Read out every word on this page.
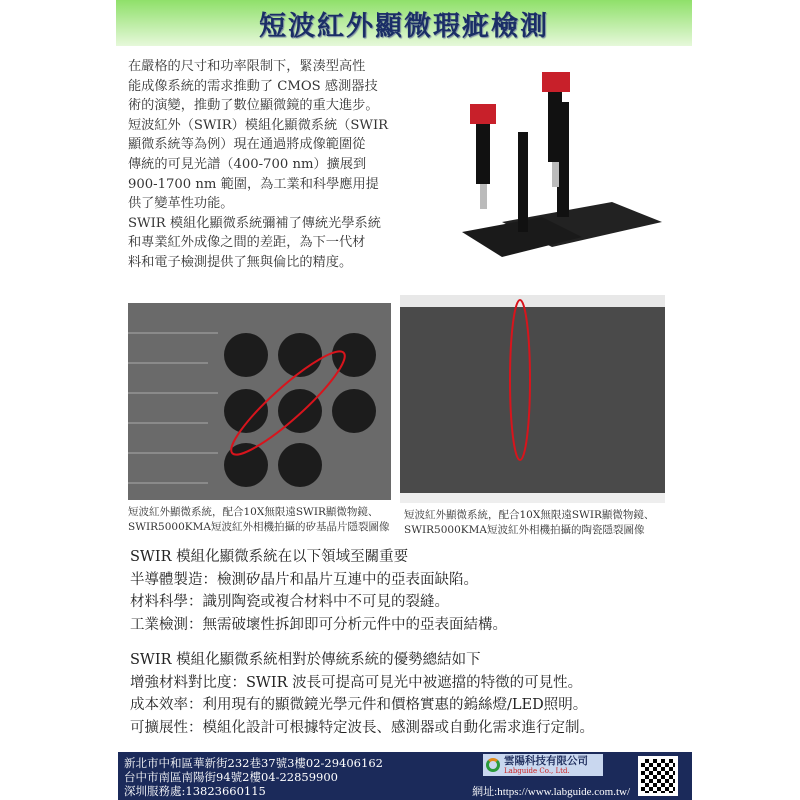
短波紅外顯微瑕疵檢測
在嚴格的尺寸和功率限制下，緊湊型高性
能成像系統的需求推動了 CMOS 感測器技
術的演變，推動了數位顯微鏡的重大進步。
短波紅外（SWIR）模組化顯微系統（SWIR
顯微系統等為例）現在通過將成像範圍從
傳統的可見光譜（400-700 nm）擴展到
900-1700 nm 範圍，為工業和科學應用提
供了變革性功能。
SWIR 模組化顯微系統彌補了傳統光學系統
和專業紅外成像之間的差距，為下一代材
料和電子檢測提供了無與倫比的精度。
短波紅外顯微系統，配合10X無限遠SWIR顯微物鏡、
SWIR5000KMA短波紅外相機拍攝的矽基晶片隱裂圖像
短波紅外顯微系統，配合10X無限遠SWIR顯微物鏡、
SWIR5000KMA短波紅外相機拍攝的陶瓷隱裂圖像
SWIR 模組化顯微系統在以下領域至關重要
半導體製造：檢測矽晶片和晶片互連中的亞表面缺陷。
材料科學：識別陶瓷或複合材料中不可見的裂縫。
工業檢測：無需破壞性拆卸即可分析元件中的亞表面結構。
SWIR 模組化顯微系統相對於傳統系統的優勢總結如下
增強材料對比度：SWIR 波長可提高可見光中被遮擋的特徵的可見性。
成本效率：利用現有的顯微鏡光學元件和價格實惠的鎢絲燈/LED照明。
可擴展性：模組化設計可根據特定波長、感測器或自動化需求進行定制。
新北市中和區華新街232巷37號3樓02-29406162
台中市南區南陽街94號2樓04-22859900
深圳服務處:13823660115
雲陽科技有限公司
Labguide Co., Ltd.
網址:https://www.labguide.com.tw/
